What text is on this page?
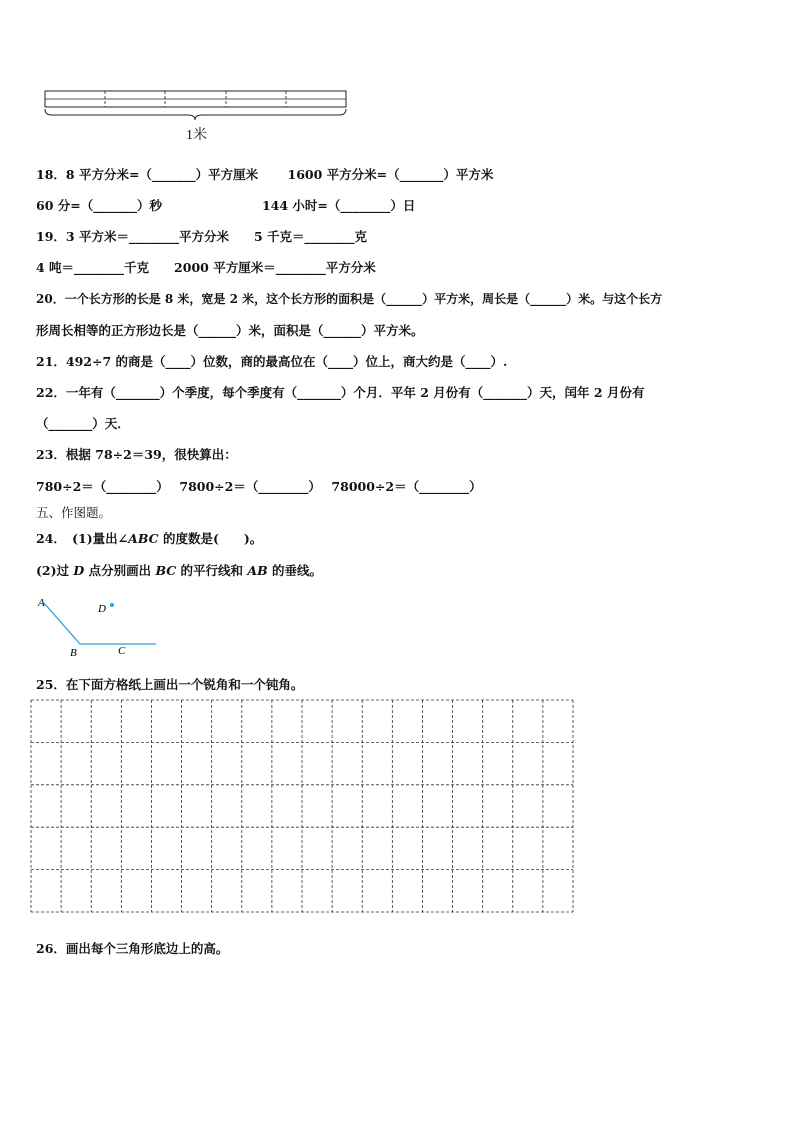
1米
18．8 平方分米=（_______）平方厘米　　 1600 平方分米=（_______）平方米
60 分=（_______）秒　　　　　　　　144 小时=（________）日
19．3 平方米＝________平方分米　　5 千克＝________克
4 吨＝________千克　　2000 平方厘米＝________平方分米
20．一个长方形的长是 8 米，宽是 2 米，这个长方形的面积是（______）平方米，周长是（______）米。与这个长方
形周长相等的正方形边长是（______）米，面积是（______）平方米。
21．492÷7 的商是（____）位数，商的最高位在（____）位上，商大约是（____）.
22．一年有（_______）个季度，每个季度有（_______）个月．平年 2 月份有（_______）天，闰年 2 月份有
（_______）天．
23．根据 78÷2＝39，很快算出：
780÷2＝（________）　 7800÷2＝（________）　 78000÷2＝（________）
五、作图题。
24．　(1)量出∠ABC 的度数是(　　)。
(2)过 D 点分别画出 BC 的平行线和 AB 的垂线。
A
B	C
D
25．在下面方格纸上画出一个锐角和一个钝角。
26．画出每个三角形底边上的高。
